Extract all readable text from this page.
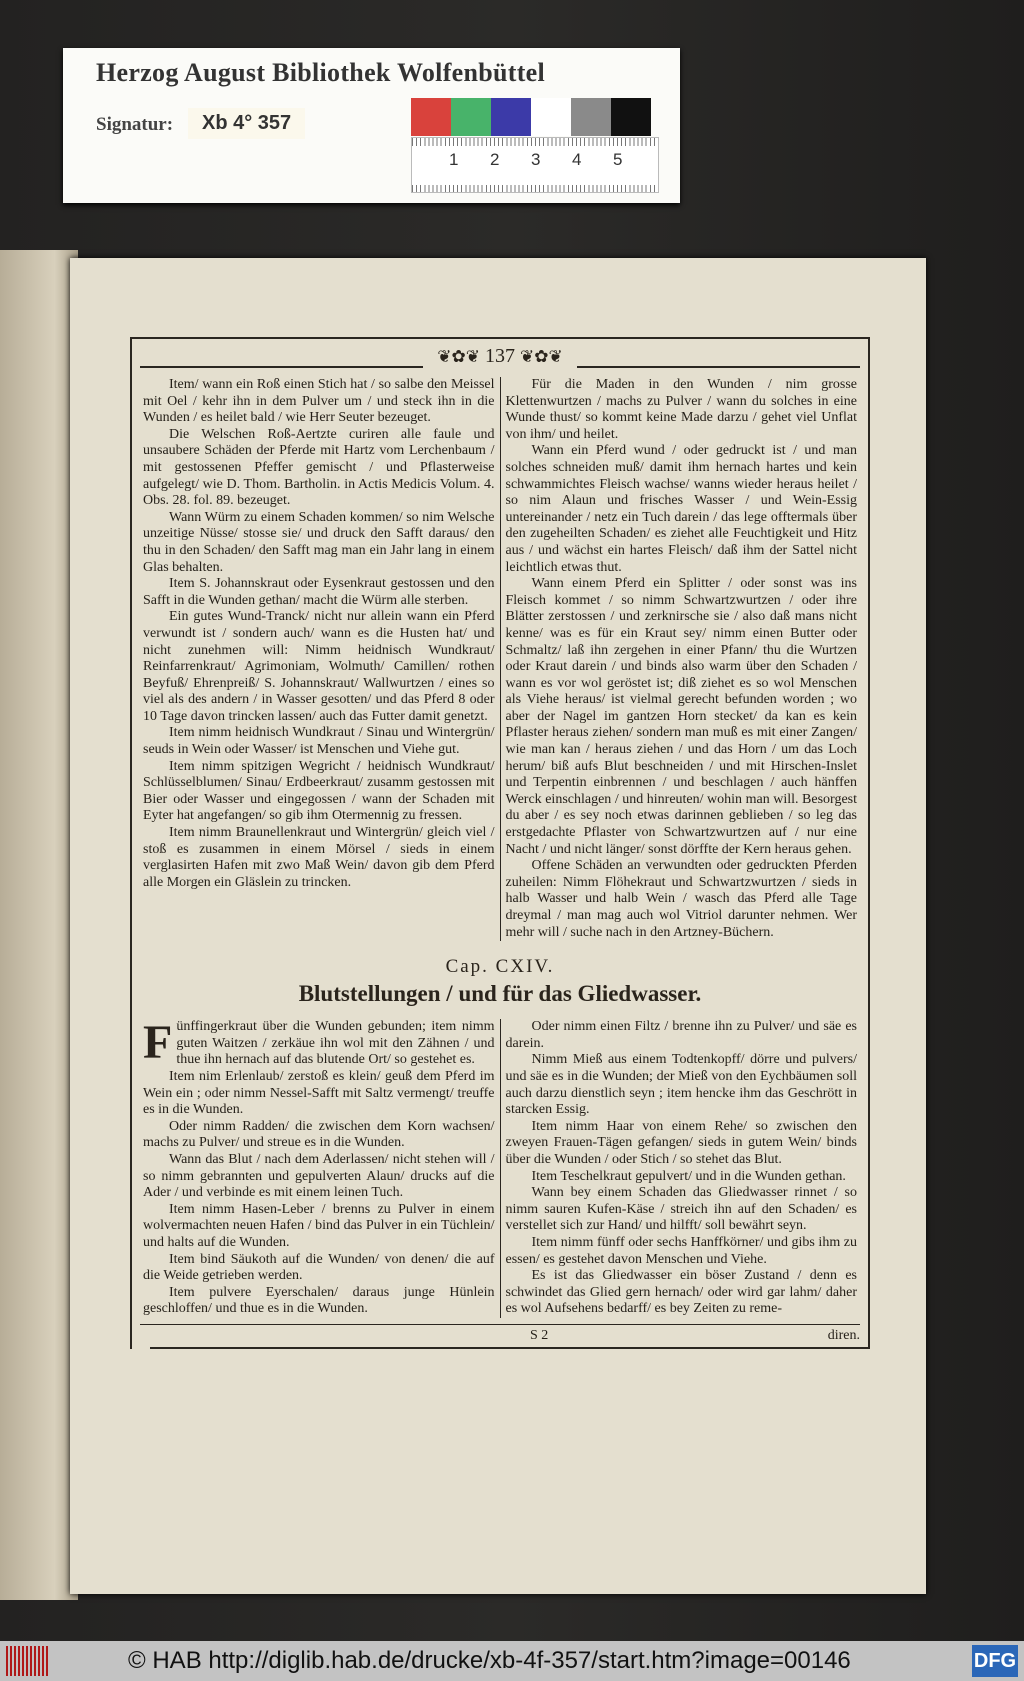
Herzog August Bibliothek Wolfenbüttel
Signatur:	Xb 4° 357
1 2 3 4 5
❦✿❦ 137 ❦✿❦

Item/ wann ein Roß einen Stich hat / so salbe den Meissel mit Oel / kehr ihn in dem Pulver um / und steck ihn in die Wunden / es heilet bald / wie Herr Seuter bezeuget.

Die Welschen Roß-Aertzte curiren alle faule und unsaubere Schäden der Pferde mit Hartz vom Lerchenbaum / mit gestossenen Pfeffer gemischt / und Pflasterweise aufgelegt/ wie D. Thom. Bartholin. in Actis Medicis Volum. 4. Obs. 28. fol. 89. bezeuget.

Wann Würm zu einem Schaden kommen/ so nim Welsche unzeitige Nüsse/ stosse sie/ und druck den Safft daraus/ den thu in den Schaden/ den Safft mag man ein Jahr lang in einem Glas behalten.

Item S. Johannskraut oder Eysenkraut gestossen und den Safft in die Wunden gethan/ macht die Würm alle sterben.

Ein gutes Wund-Tranck/ nicht nur allein wann ein Pferd verwundt ist / sondern auch/ wann es die Husten hat/ und nicht zunehmen will: Nimm heidnisch Wundkraut/ Reinfarrenkraut/ Agrimoniam, Wolmuth/ Camillen/ rothen Beyfuß/ Ehrenpreiß/ S. Johannskraut/ Wallwurtzen / eines so viel als des andern / in Wasser gesotten/ und das Pferd 8 oder 10 Tage davon trincken lassen/ auch das Futter damit genetzt.

Item nimm heidnisch Wundkraut / Sinau und Wintergrün/ seuds in Wein oder Wasser/ ist Menschen und Viehe gut.

Item nimm spitzigen Wegricht / heidnisch Wundkraut/ Schlüsselblumen/ Sinau/ Erdbeerkraut/ zusamm gestossen mit Bier oder Wasser und eingegossen / wann der Schaden mit Eyter hat angefangen/ so gib ihm Otermennig zu fressen.

Item nimm Braunellenkraut und Wintergrün/ gleich viel / stoß es zusammen in einem Mörsel / sieds in einem verglasirten Hafen mit zwo Maß Wein/ davon gib dem Pferd alle Morgen ein Gläslein zu trincken.

Für die Maden in den Wunden / nim grosse Klettenwurtzen / machs zu Pulver / wann du solches in eine Wunde thust/ so kommt keine Made darzu / gehet viel Unflat von ihm/ und heilet.

Wann ein Pferd wund / oder gedruckt ist / und man solches schneiden muß/ damit ihm hernach hartes und kein schwammichtes Fleisch wachse/ wanns wieder heraus heilet / so nim Alaun und frisches Wasser / und Wein-Essig untereinander / netz ein Tuch darein / das lege offtermals über den zugeheilten Schaden/ es ziehet alle Feuchtigkeit und Hitz aus / und wächst ein hartes Fleisch/ daß ihm der Sattel nicht leichtlich etwas thut.

Wann einem Pferd ein Splitter / oder sonst was ins Fleisch kommet / so nimm Schwartzwurtzen / oder ihre Blätter zerstossen / und zerknirsche sie / also daß mans nicht kenne/ was es für ein Kraut sey/ nimm einen Butter oder Schmaltz/ laß ihn zergehen in einer Pfann/ thu die Wurtzen oder Kraut darein / und binds also warm über den Schaden / wann es vor wol geröstet ist; diß ziehet es so wol Menschen als Viehe heraus/ ist vielmal gerecht befunden worden ; wo aber der Nagel im gantzen Horn stecket/ da kan es kein Pflaster heraus ziehen/ sondern man muß es mit einer Zangen/ wie man kan / heraus ziehen / und das Horn / um das Loch herum/ biß aufs Blut beschneiden / und mit Hirschen-Inslet und Terpentin einbrennen / und beschlagen / auch hänffen Werck einschlagen / und hinreuten/ wohin man will. Besorgest du aber / es sey noch etwas darinnen geblieben / so leg das erstgedachte Pflaster von Schwartzwurtzen auf / nur eine Nacht / und nicht länger/ sonst dörffte der Kern heraus gehen.

Offene Schäden an verwundten oder gedruckten Pferden zuheilen: Nimm Flöhekraut und Schwartzwurtzen / sieds in halb Wasser und halb Wein / wasch das Pferd alle Tage dreymal / man mag auch wol Vitriol darunter nehmen. Wer mehr will / suche nach in den Artzney-Büchern.

Cap. CXIV.
Blutstellungen / und für das Gliedwasser.

Fünffingerkraut über die Wunden gebunden; item nimm guten Waitzen / zerkäue ihn wol mit den Zähnen / und thue ihn hernach auf das blutende Ort/ so gestehet es.

Item nim Erlenlaub/ zerstoß es klein/ geuß dem Pferd im Wein ein ; oder nimm Nessel-Safft mit Saltz vermengt/ treuffe es in die Wunden.

Oder nimm Radden/ die zwischen dem Korn wachsen/ machs zu Pulver/ und streue es in die Wunden.

Wann das Blut / nach dem Aderlassen/ nicht stehen will / so nimm gebrannten und gepulverten Alaun/ drucks auf die Ader / und verbinde es mit einem leinen Tuch.

Item nimm Hasen-Leber / brenns zu Pulver in einem wolvermachten neuen Hafen / bind das Pulver in ein Tüchlein/ und halts auf die Wunden.

Item bind Säukoth auf die Wunden/ von denen/ die auf die Weide getrieben werden.

Item pulvere Eyerschalen/ daraus junge Hünlein geschloffen/ und thue es in die Wunden.

Oder nimm einen Filtz / brenne ihn zu Pulver/ und säe es darein.

Nimm Mieß aus einem Todtenkopff/ dörre und pulvers/ und säe es in die Wunden; der Mieß von den Eychbäumen soll auch darzu dienstlich seyn ; item hencke ihm das Geschrött in starcken Essig.

Item nimm Haar von einem Rehe/ so zwischen den zweyen Frauen-Tägen gefangen/ sieds in gutem Wein/ binds über die Wunden / oder Stich / so stehet das Blut.

Item Teschelkraut gepulvert/ und in die Wunden gethan.

Wann bey einem Schaden das Gliedwasser rinnet / so nimm sauren Kufen-Käse / streich ihn auf den Schaden/ es verstellet sich zur Hand/ und hilfft/ soll bewährt seyn.

Item nimm fünff oder sechs Hanffkörner/ und gibs ihm zu essen/ es gestehet davon Menschen und Viehe.

Es ist das Gliedwasser ein böser Zustand / denn es schwindet das Glied gern hernach/ oder wird gar lahm/ daher es wol Aufsehens bedarff/ es bey Zeiten zu reme-

S 2	diren.
© HAB http://diglib.hab.de/drucke/xb-4f-357/start.htm?image=00146	DFG
